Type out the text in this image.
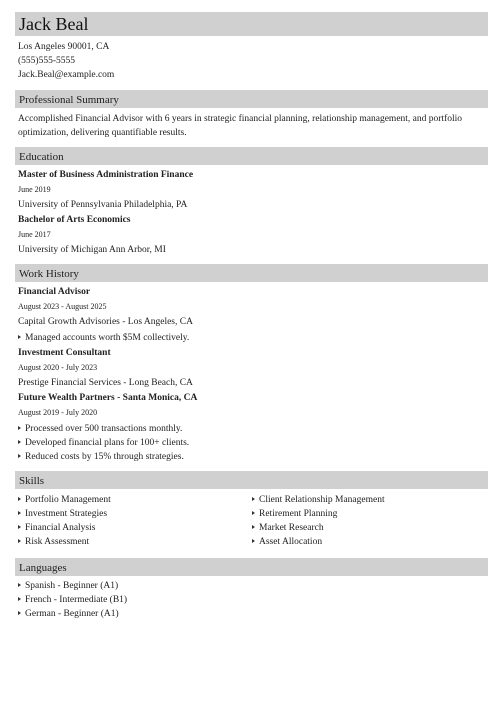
Jack Beal
Los Angeles 90001, CA
(555)555-5555
Jack.Beal@example.com
Professional Summary
Accomplished Financial Advisor with 6 years in strategic financial planning, relationship management, and portfolio optimization, delivering quantifiable results.
Education
Master of Business Administration Finance
June 2019
University of Pennsylvania Philadelphia, PA
Bachelor of Arts Economics
June 2017
University of Michigan Ann Arbor, MI
Work History
Financial Advisor
August 2023 - August 2025
Capital Growth Advisories - Los Angeles, CA
Managed accounts worth $5M collectively.
Investment Consultant
August 2020 - July 2023
Prestige Financial Services - Long Beach, CA
Future Wealth Partners - Santa Monica, CA
August 2019 - July 2020
Processed over 500 transactions monthly.
Developed financial plans for 100+ clients.
Reduced costs by 15% through strategies.
Skills
Portfolio Management
Investment Strategies
Financial Analysis
Risk Assessment
Client Relationship Management
Retirement Planning
Market Research
Asset Allocation
Languages
Spanish - Beginner (A1)
French - Intermediate (B1)
German - Beginner (A1)
